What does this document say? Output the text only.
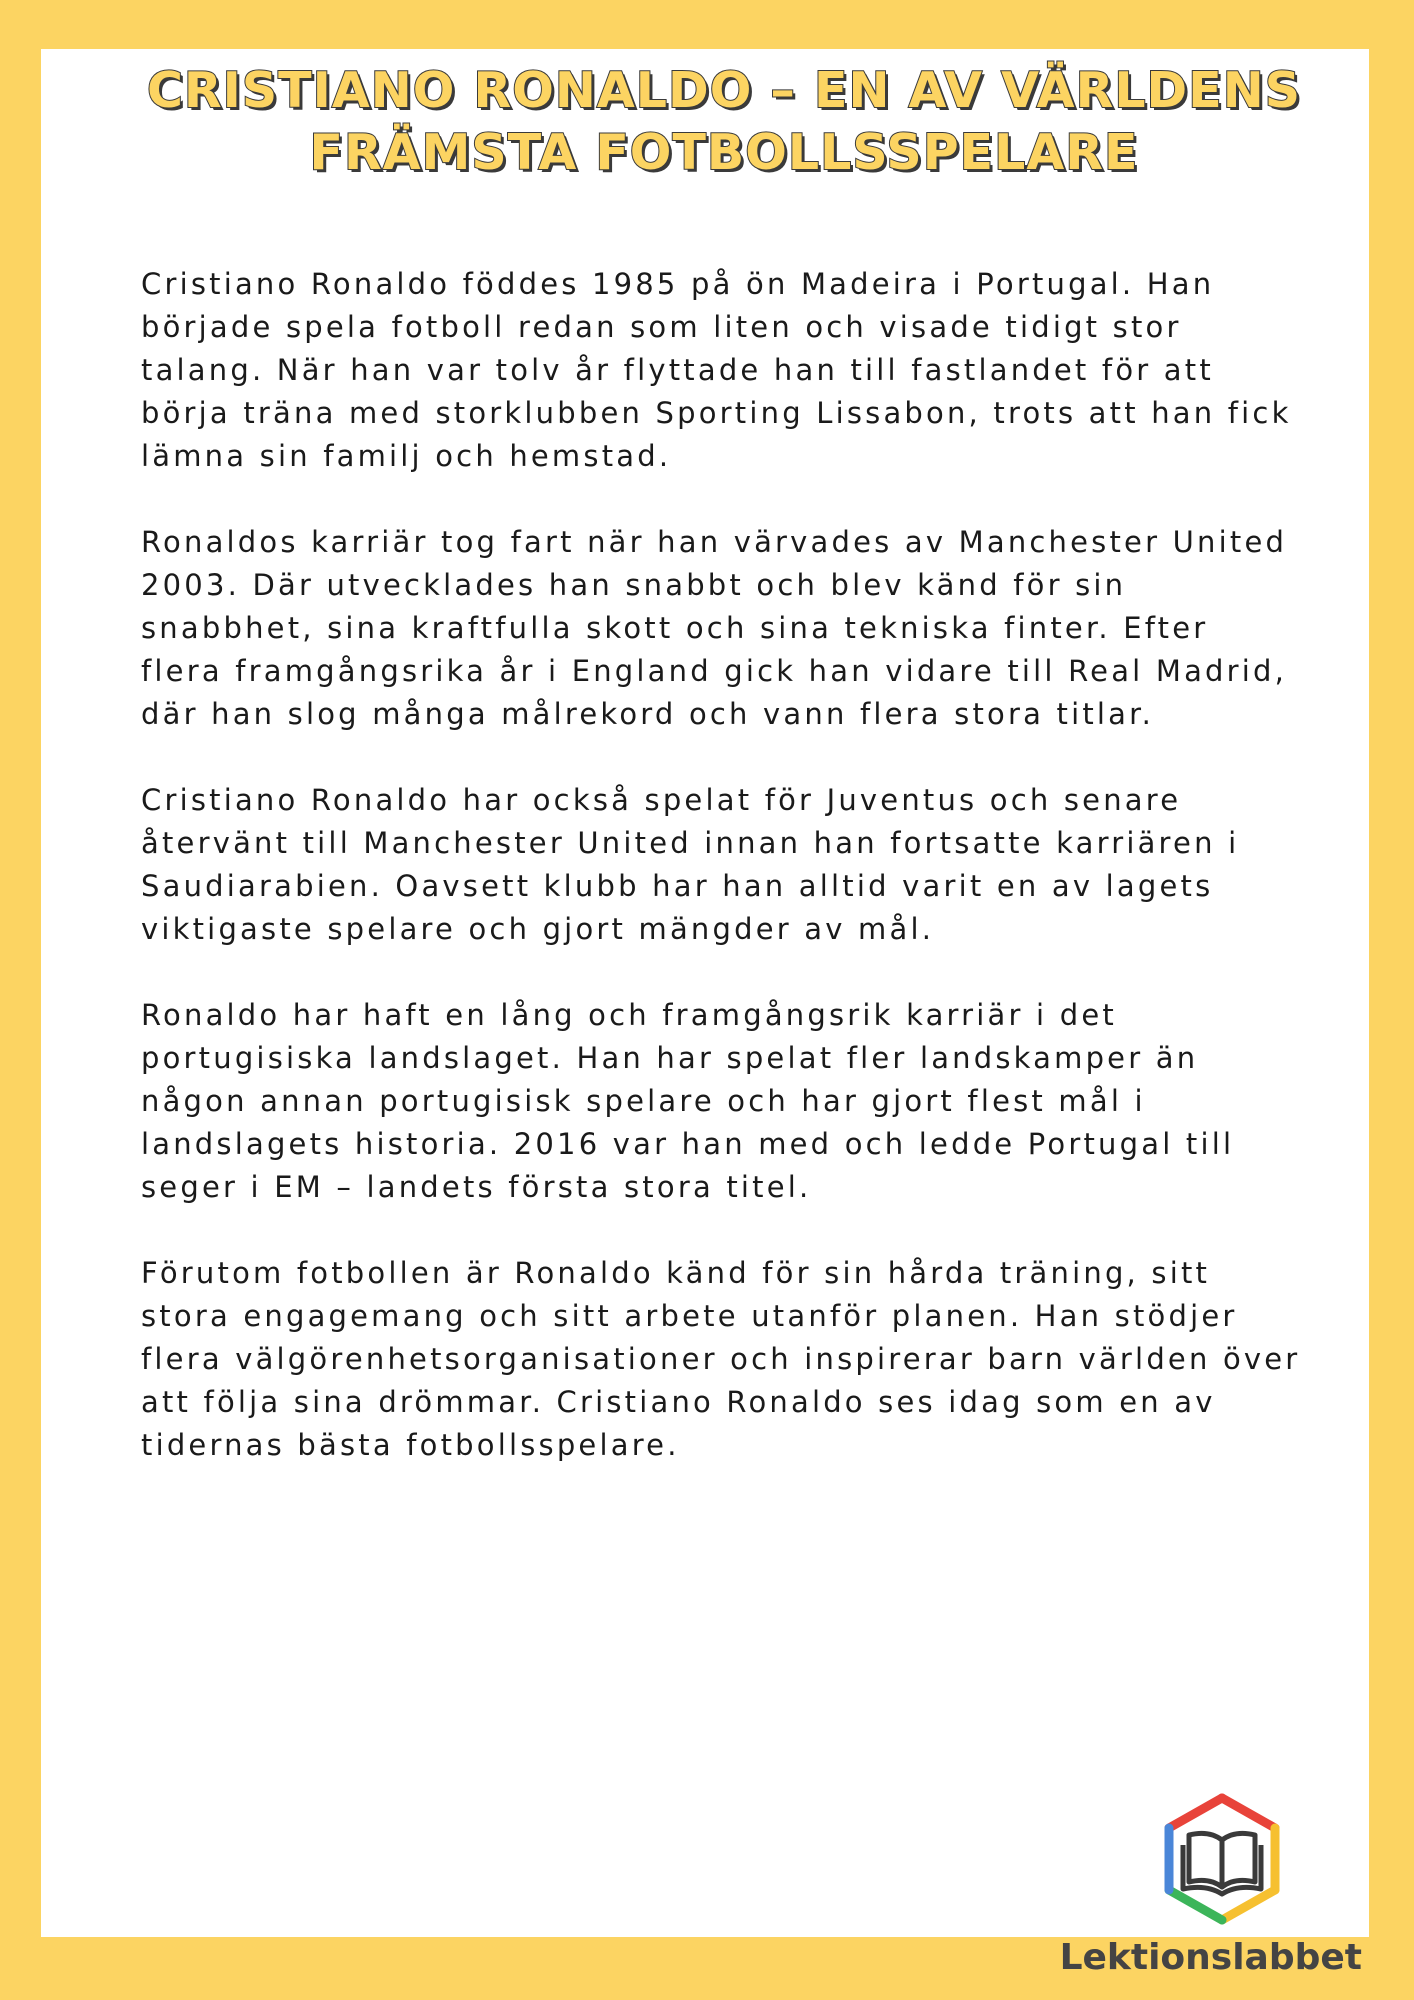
CRISTIANO RONALDO – EN AV VÄRLDENS FRÄMSTA FOTBOLLSSPELARE

Cristiano Ronaldo föddes 1985 på ön Madeira i Portugal. Han började spela fotboll redan som liten och visade tidigt stor talang. När han var tolv år flyttade han till fastlandet för att börja träna med storklubben Sporting Lissabon, trots att han fick lämna sin familj och hemstad.

Ronaldos karriär tog fart när han värvades av Manchester United 2003. Där utvecklades han snabbt och blev känd för sin snabbhet, sina kraftfulla skott och sina tekniska finter. Efter flera framgångsrika år i England gick han vidare till Real Madrid, där han slog många målrekord och vann flera stora titlar.

Cristiano Ronaldo har också spelat för Juventus och senare återvänt till Manchester United innan han fortsatte karriären i Saudiarabien. Oavsett klubb har han alltid varit en av lagets viktigaste spelare och gjort mängder av mål.

Ronaldo har haft en lång och framgångsrik karriär i det portugisiska landslaget. Han har spelat fler landskamper än någon annan portugisisk spelare och har gjort flest mål i landslagets historia. 2016 var han med och ledde Portugal till seger i EM – landets första stora titel.

Förutom fotbollen är Ronaldo känd för sin hårda träning, sitt stora engagemang och sitt arbete utanför planen. Han stödjer flera välgörenhetsorganisationer och inspirerar barn världen över att följa sina drömmar. Cristiano Ronaldo ses idag som en av tidernas bästa fotbollsspelare.

Lektionslabbet
